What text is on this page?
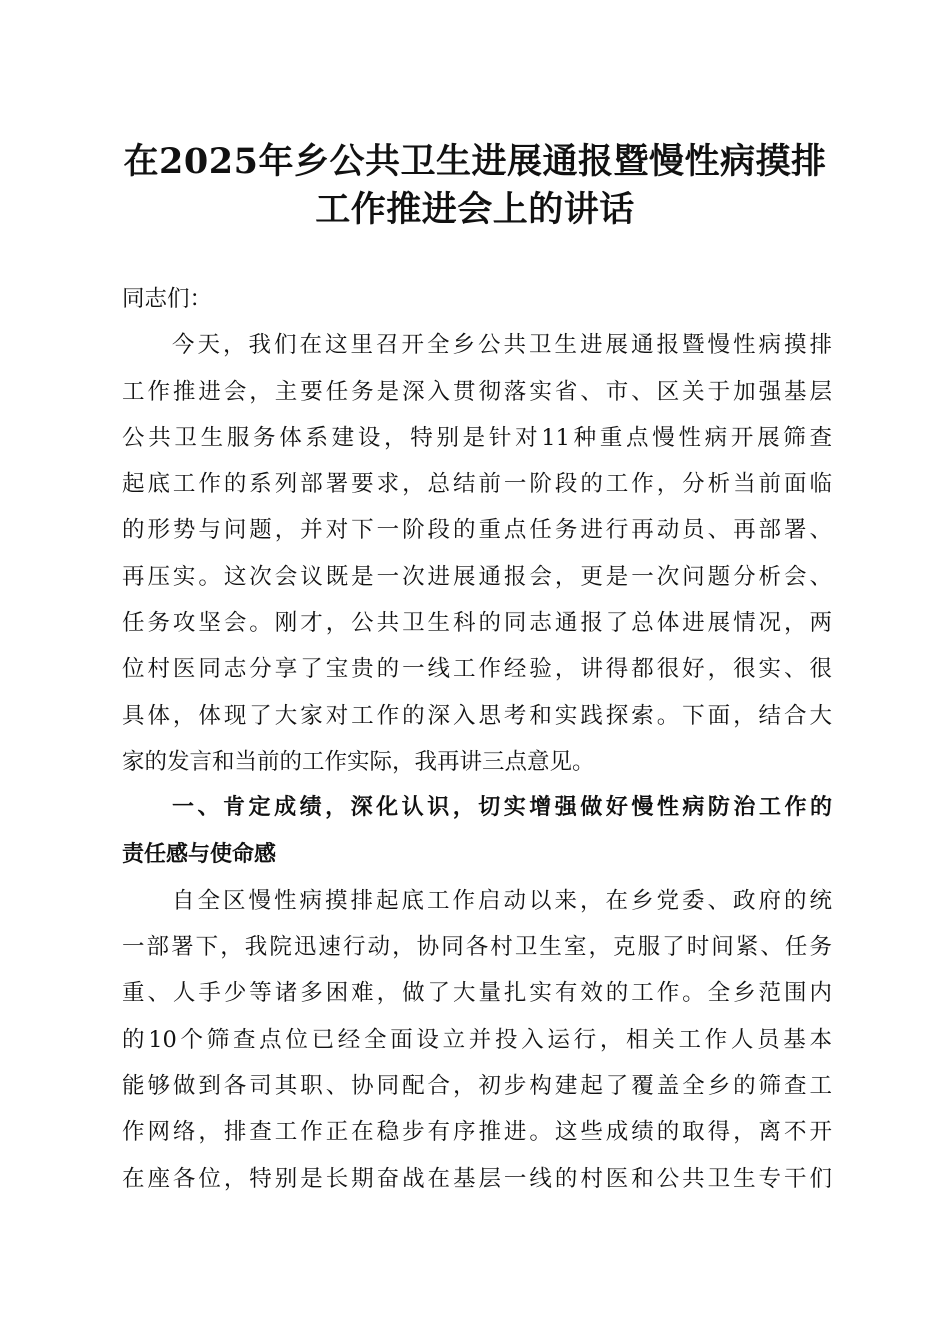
在2025年乡公共卫生进展通报暨慢性病摸排
工作推进会上的讲话
同志们：
今天，我们在这里召开全乡公共卫生进展通报暨慢性病摸排
工作推进会，主要任务是深入贯彻落实省、市、区关于加强基层
公共卫生服务体系建设，特别是针对11种重点慢性病开展筛查
起底工作的系列部署要求，总结前一阶段的工作，分析当前面临
的形势与问题，并对下一阶段的重点任务进行再动员、再部署、
再压实。这次会议既是一次进展通报会，更是一次问题分析会、
任务攻坚会。刚才，公共卫生科的同志通报了总体进展情况，两
位村医同志分享了宝贵的一线工作经验，讲得都很好，很实、很
具体，体现了大家对工作的深入思考和实践探索。下面，结合大
家的发言和当前的工作实际，我再讲三点意见。
一、肯定成绩，深化认识，切实增强做好慢性病防治工作的
责任感与使命感
自全区慢性病摸排起底工作启动以来，在乡党委、政府的统
一部署下，我院迅速行动，协同各村卫生室，克服了时间紧、任务
重、人手少等诸多困难，做了大量扎实有效的工作。全乡范围内
的10个筛查点位已经全面设立并投入运行，相关工作人员基本
能够做到各司其职、协同配合，初步构建起了覆盖全乡的筛查工
作网络，排查工作正在稳步有序推进。这些成绩的取得，离不开
在座各位，特别是长期奋战在基层一线的村医和公共卫生专干们
